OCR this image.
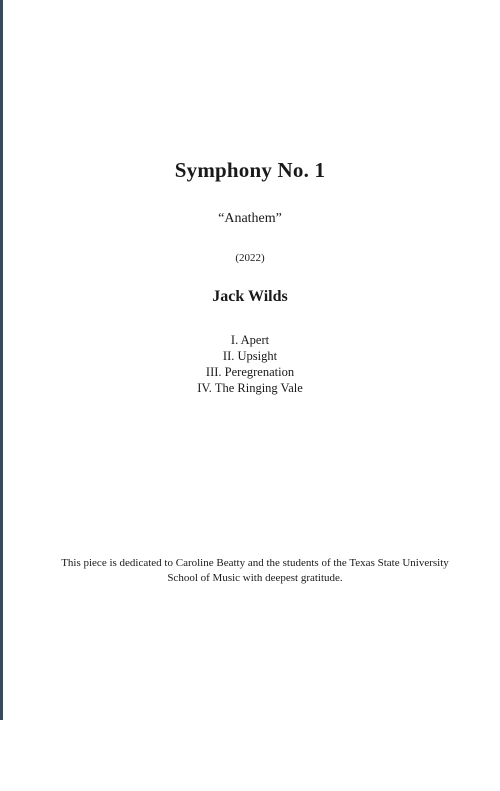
Symphony No. 1
“Anathem”
(2022)
Jack Wilds
I. Apert
II. Upsight
III. Peregrenation
IV. The Ringing Vale
This piece is dedicated to Caroline Beatty and the students of the Texas State University School of Music with deepest gratitude.
